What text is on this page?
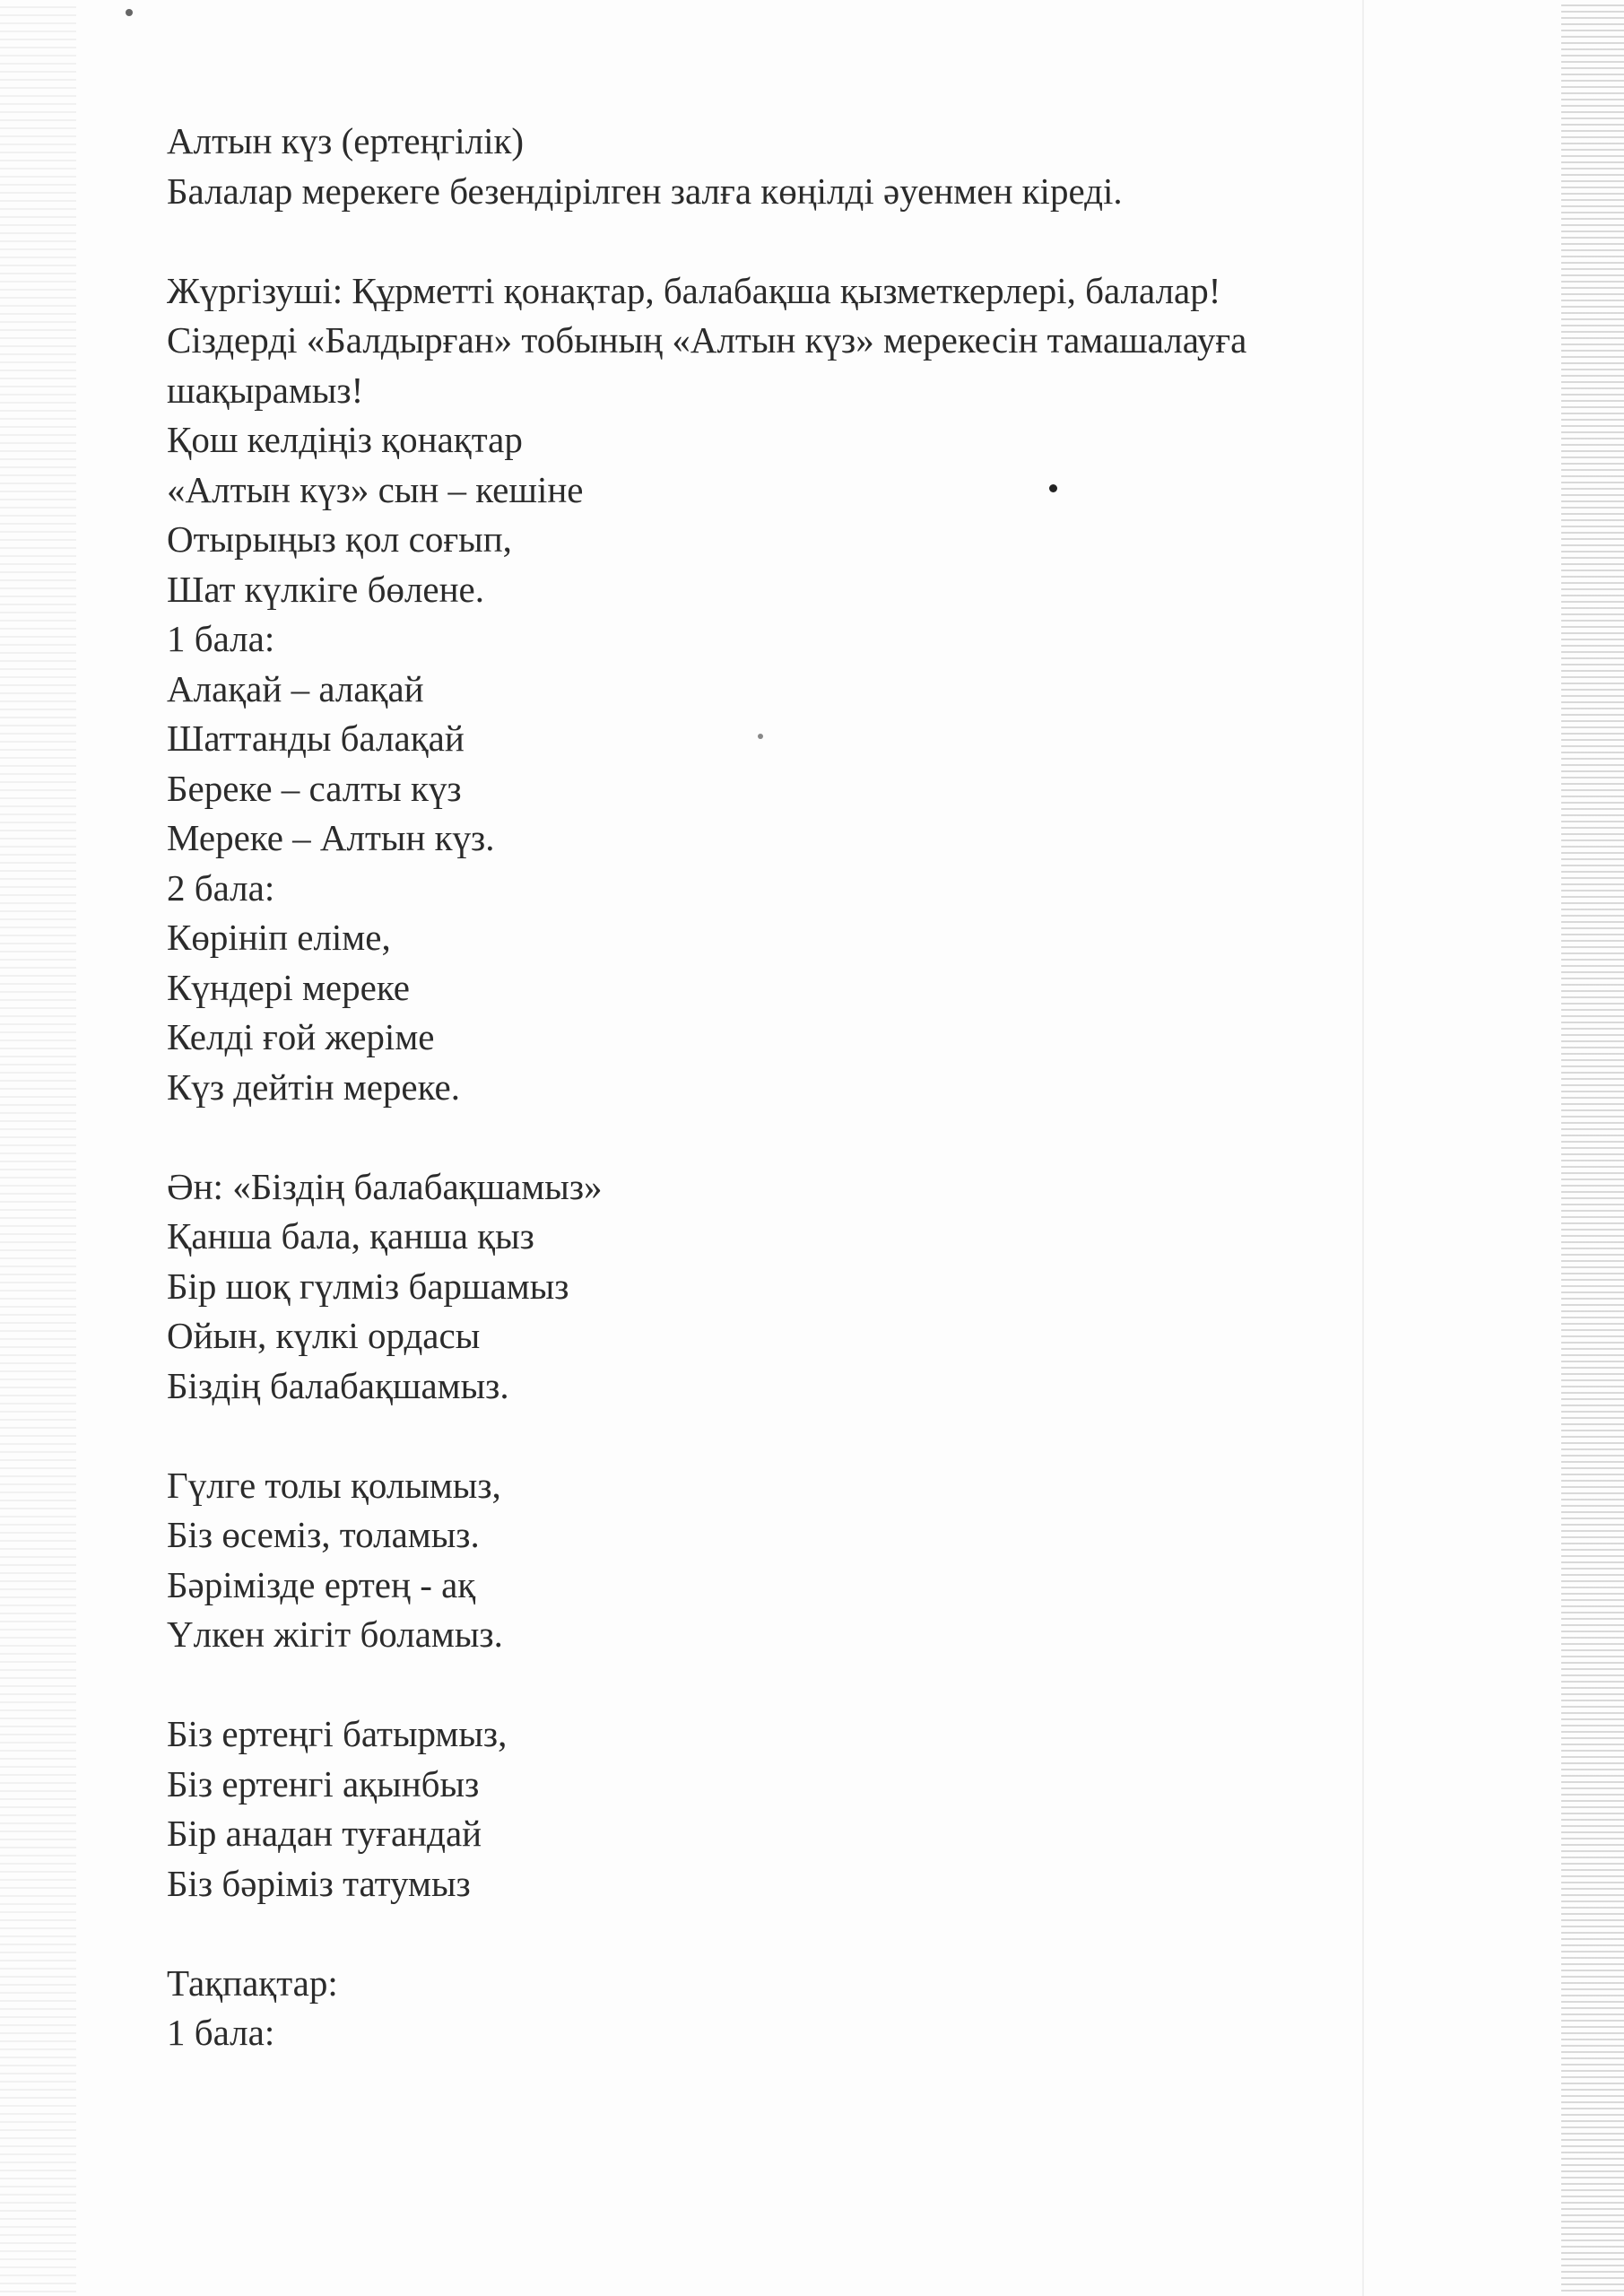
Алтын күз (ертеңгілік)
Балалар мерекеге безендірілген залға көңілді әуенмен кіреді.
Жүргізуші: Құрметті қонақтар, балабақша қызметкерлері, балалар!
Сіздерді «Балдырған» тобының «Алтын күз» мерекесін тамашалауға
шақырамыз!
Қош келдіңіз қонақтар
«Алтын күз» сын – кешіне
Отырыңыз қол соғып,
Шат күлкіге бөлене.
1 бала:
Алақай – алақай
Шаттанды балақай
Береке – салты күз
Мереке – Алтын күз.
2 бала:
Көрініп еліме,
Күндері мереке
Келді ғой жеріме
Күз дейтін мереке.
Ән: «Біздің балабақшамыз»
Қанша бала, қанша қыз
Бір шоқ гүлміз баршамыз
Ойын, күлкі ордасы
Біздің балабақшамыз.
Гүлге толы қолымыз,
Біз өсеміз, толамыз.
Бәрімізде ертең - ақ
Үлкен жігіт боламыз.
Біз ертеңгі батырмыз,
Біз ертенгі ақынбыз
Бір анадан туғандай
Біз бәріміз татумыз
Тақпақтар:
1 бала:
